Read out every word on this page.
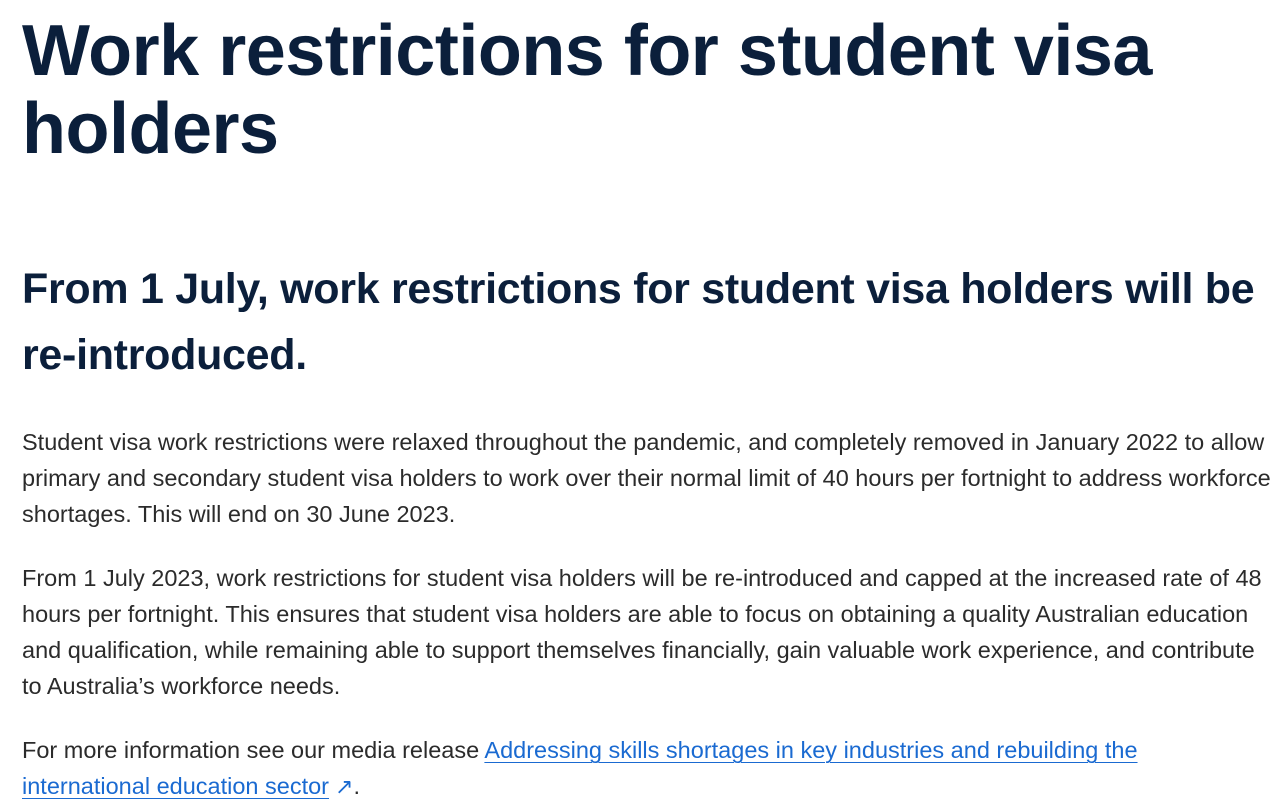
Work restrictions for student visa holders
From 1 July, work restrictions for student visa holders will be re-introduced.

Student visa work restrictions were relaxed throughout the pandemic, and completely removed in January 2022 to allow primary and secondary student visa holders to work over their normal limit of 40 hours per fortnight to address workforce shortages. This will end on 30 June 2023.

From 1 July 2023, work restrictions for student visa holders will be re-introduced and capped at the increased rate of 48 hours per fortnight. This ensures that student visa holders are able to focus on obtaining a quality Australian education and qualification, while remaining able to support themselves financially, gain valuable work experience, and contribute to Australia’s workforce needs.

For more information see our media release Addressing skills shortages in key industries and rebuilding the international education sector ↗.
